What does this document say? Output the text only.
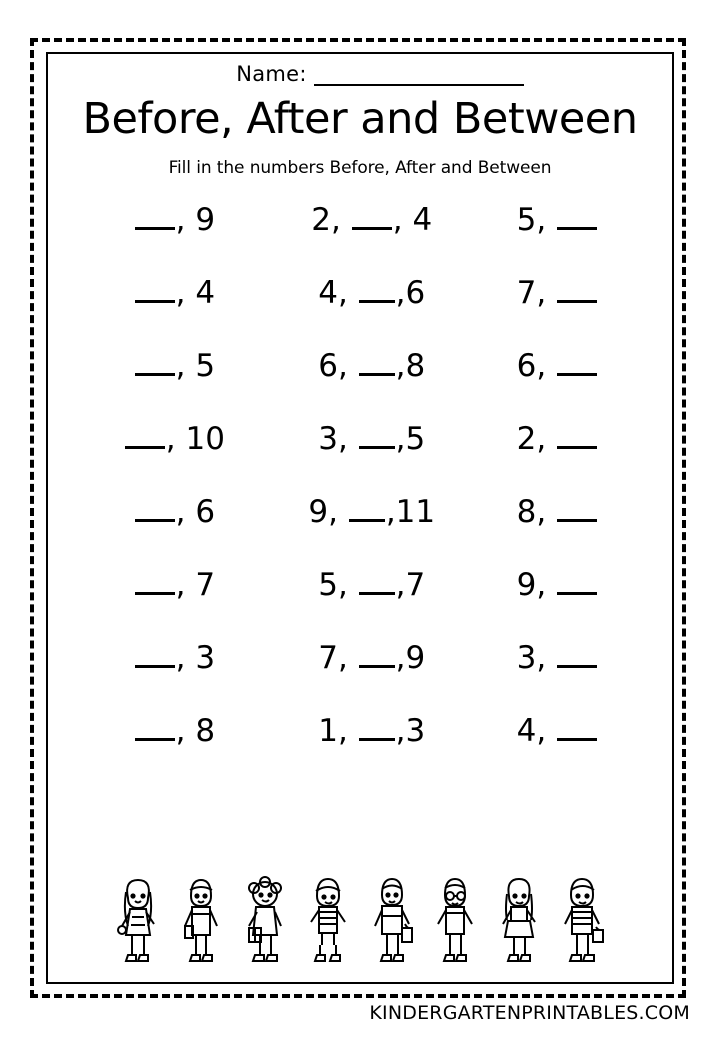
Name:
Before, After and Between
Fill in the numbers Before, After and Between
, 9	2, , 4	5,
, 4	4, ,6	7,
, 5	6, ,8	6,
, 10	3, ,5	2,
, 6	9, ,11	8,
, 7	5, ,7	9,
, 3	7, ,9	3,
, 8	1, ,3	4,
KINDERGARTENPRINTABLES.COM
